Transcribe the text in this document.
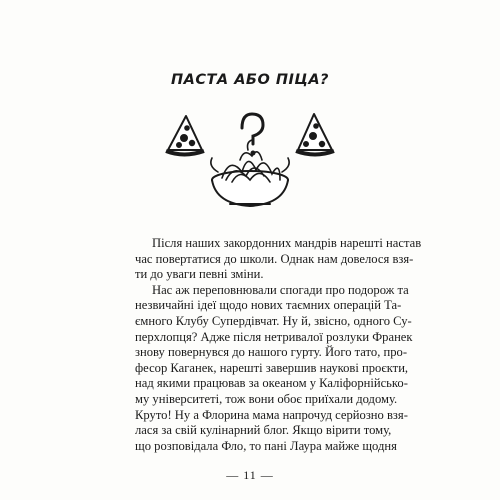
ПАСТА АБО ПІЦА?

Після наших закордонних мандрів нарешті настав
час повертатися до школи. Однак нам довелося взя-
ти до уваги певні зміни.

Нас аж переповнювали спогади про подорож та
незвичайні ідеї щодо нових таємних операцій Та-
ємного Клубу Супердівчат. Ну й, звісно, одного Су-
перхлопця? Адже після нетривалої розлуки Франек
знову повернувся до нашого гурту. Його тато, про-
фесор Каганек, нарешті завершив наукові проєкти,
над якими працював за океаном у Каліфорнійсько-
му університеті, тож вони обоє приїхали додому.
Круто! Ну а Флорина мама напрочуд серйозно взя-
лася за свій кулінарний блог. Якщо вірити тому,
що розповідала Фло, то пані Лаура майже щодня

— 11 —
